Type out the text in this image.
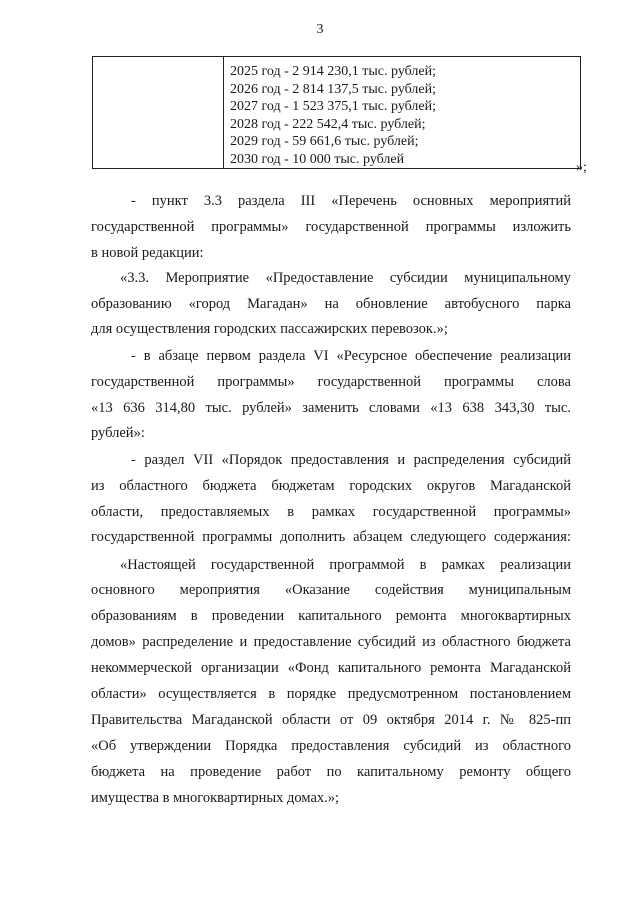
3

2025 год - 2 914 230,1 тыс. рублей;
2026 год - 2 814 137,5 тыс. рублей;
2027 год - 1 523 375,1 тыс. рублей;
2028 год - 222 542,4 тыс. рублей;
2029 год - 59 661,6 тыс. рублей;
2030 год - 10 000 тыс. рублей
»;
- пункт 3.3 раздела III «Перечень основных мероприятий
государственной программы» государственной программы изложить
в новой редакции:
«3.3. Мероприятие «Предоставление субсидии муниципальному
образованию «город Магадан» на обновление автобусного парка
для осуществления городских пассажирских перевозок.»;
- в абзаце первом раздела VI «Ресурсное обеспечение реализации
государственной программы» государственной программы слова
«13 636 314,80 тыс. рублей» заменить словами «13 638 343,30 тыс.
рублей»:
- раздел VII «Порядок предоставления и распределения субсидий
из областного бюджета бюджетам городских округов Магаданской
области, предоставляемых в рамках государственной программы»
государственной программы дополнить абзацем следующего содержания:
«Настоящей государственной программой в рамках реализации
основного мероприятия «Оказание содействия муниципальным
образованиям в проведении капитального ремонта многоквартирных
домов» распределение и предоставление субсидий из областного бюджета
некоммерческой организации «Фонд капитального ремонта Магаданской
области» осуществляется в порядке предусмотренном постановлением
Правительства Магаданской области от 09 октября 2014 г. № 825-пп
«Об утверждении Порядка предоставления субсидий из областного
бюджета на проведение работ по капитальному ремонту общего
имущества в многоквартирных домах.»;
